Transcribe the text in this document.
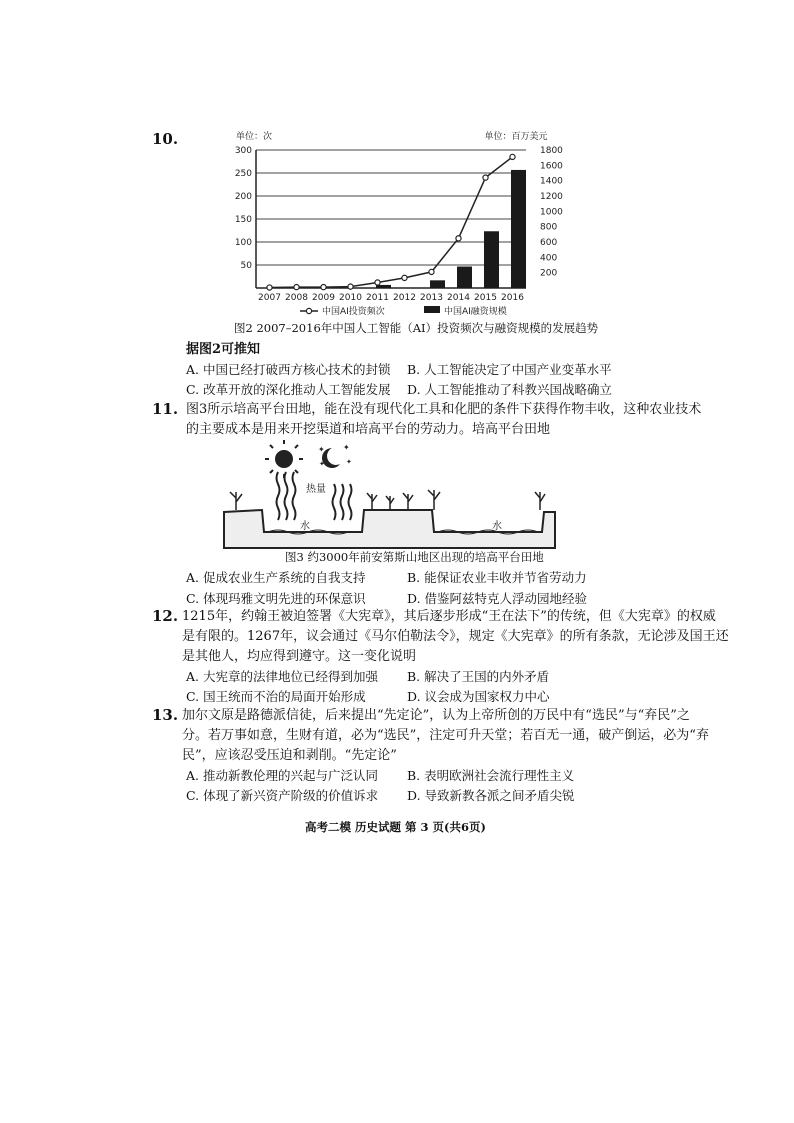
10.	单位：次	单位：百万美元
300
250
200
150
100
50
1800
1600
1400
1200
1000
800
600
400
200
2007 2008 2009 2010 2011 2012 2013 2014 2015 2016
中国AI投资频次	中国AI融资规模
图2 2007–2016年中国人工智能（AI）投资频次与融资规模的发展趋势
据图2可推知
A. 中国已经打破西方核心技术的封锁 B. 人工智能决定了中国产业变革水平
C. 改革开放的深化推动人工智能发展 D. 人工智能推动了科教兴国战略确立
11. 图3所示培高平台田地，能在没有现代化工具和化肥的条件下获得作物丰收，这种农业技术
的主要成本是用来开挖渠道和培高平台的劳动力。培高平台田地
✦ ✦
✦
✦
热量
水	水
图3 约3000年前安第斯山地区出现的培高平台田地
A. 促成农业生产系统的自我支持	B. 能保证农业丰收并节省劳动力
C. 体现玛雅文明先进的环保意识	D. 借鉴阿兹特克人浮动园地经验
12. 1215年，约翰王被迫签署《大宪章》，其后逐步形成“王在法下”的传统，但《大宪章》的权威
是有限的。1267年，议会通过《马尔伯勒法令》，规定《大宪章》的所有条款，无论涉及国王还
是其他人，均应得到遵守。这一变化说明
A. 大宪章的法律地位已经得到加强 B. 解决了王国的内外矛盾
C. 国王统而不治的局面开始形成	D. 议会成为国家权力中心
13. 加尔文原是路德派信徒，后来提出“先定论”，认为上帝所创的万民中有“选民”与“弃民”之
分。若万事如意，生财有道，必为“选民”，注定可升天堂；若百无一通，破产倒运，必为“弃
民”，应该忍受压迫和剥削。“先定论”
A. 推动新教伦理的兴起与广泛认同 B. 表明欧洲社会流行理性主义
C. 体现了新兴资产阶级的价值诉求 D. 导致新教各派之间矛盾尖锐
高考二模 历史试题 第 3 页(共6页)
